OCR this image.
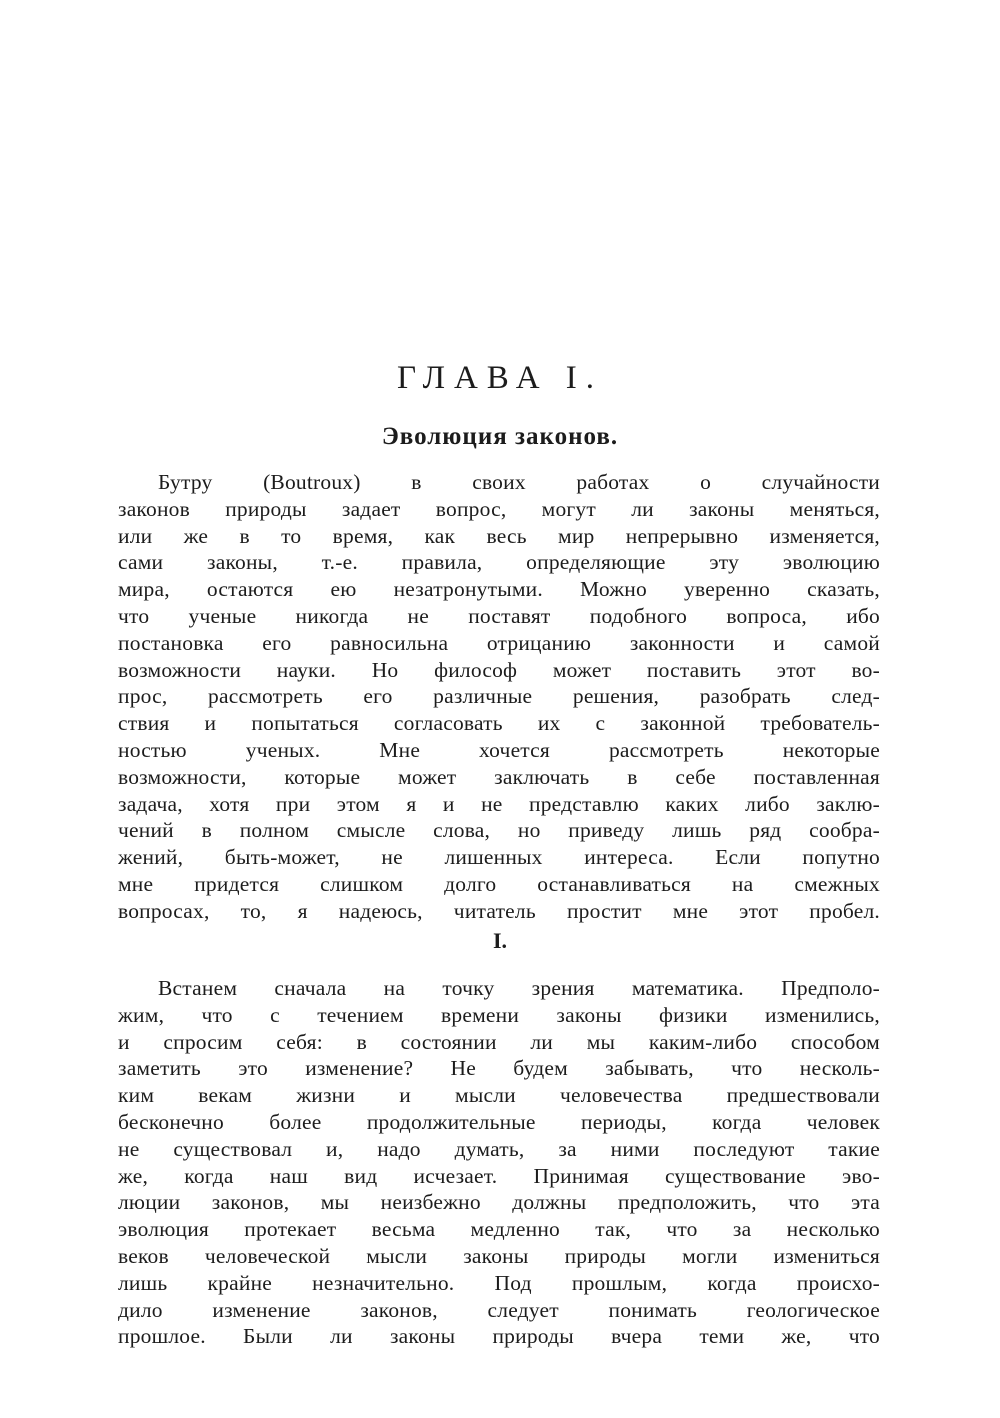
ГЛАВА I.
Эволюция законов.
Бутру (Boutroux) в своих работах о случайности
законов природы задает вопрос, могут ли законы меняться,
или же в то время, как весь мир непрерывно изменяется,
сами законы, т.-е. правила, определяющие эту эволюцию
мира, остаются ею незатронутыми. Можно уверенно сказать,
что ученые никогда не поставят подобного вопроса, ибо
постановка его равносильна отрицанию законности и самой
возможности науки. Но философ может поставить этот во-
прос, рассмотреть его различные решения, разобрать след-
ствия и попытаться согласовать их с законной требователь-
ностью ученых. Мне хочется рассмотреть некоторые
возможности, которые может заключать в себе поставленная
задача, хотя при этом я и не представлю каких либо заклю-
чений в полном смысле слова, но приведу лишь ряд сообра-
жений, быть-может, не лишенных интереса. Если попутно
мне придется слишком долго останавливаться на смежных
вопросах, то, я надеюсь, читатель простит мне этот пробел.
I.
Встанем сначала на точку зрения математика. Предполо-
жим, что с течением времени законы физики изменились,
и спросим себя: в состоянии ли мы каким-либо способом
заметить это изменение? Не будем забывать, что несколь-
ким векам жизни и мысли человечества предшествовали
бесконечно более продолжительные периоды, когда человек
не существовал и, надо думать, за ними последуют такие
же, когда наш вид исчезает. Принимая существование эво-
люции законов, мы неизбежно должны предположить, что эта
эволюция протекает весьма медленно так, что за несколько
веков человеческой мысли законы природы могли измениться
лишь крайне незначительно. Под прошлым, когда происхо-
дило изменение законов, следует понимать геологическое
прошлое. Были ли законы природы вчера теми же, что
